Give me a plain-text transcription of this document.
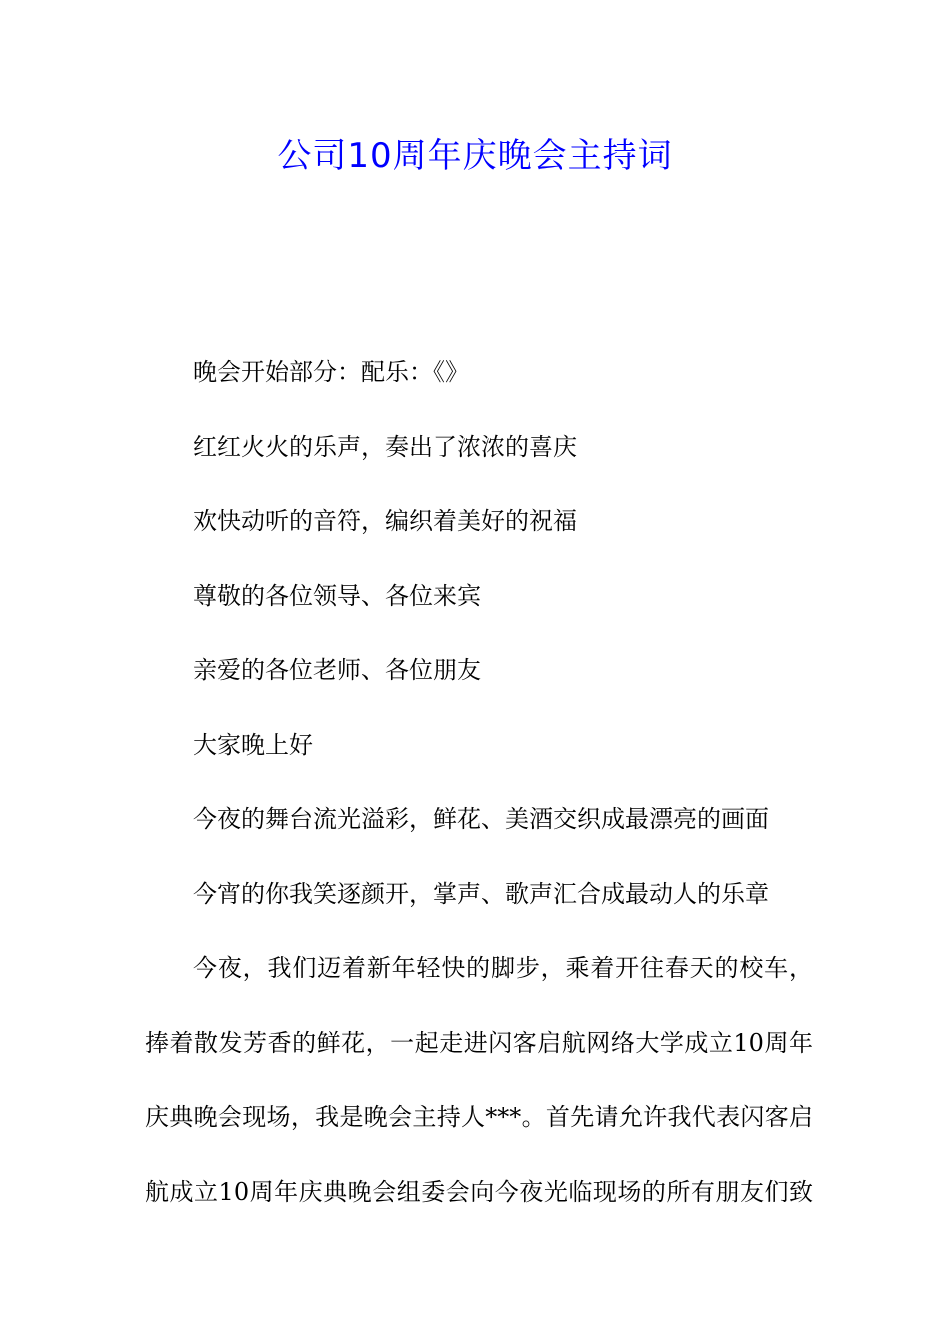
公司10周年庆晚会主持词

晚会开始部分：配乐：《》

红红火火的乐声，奏出了浓浓的喜庆

欢快动听的音符，编织着美好的祝福

尊敬的各位领导、各位来宾

亲爱的各位老师、各位朋友

大家晚上好

今夜的舞台流光溢彩，鲜花、美酒交织成最漂亮的画面

今宵的你我笑逐颜开，掌声、歌声汇合成最动人的乐章

今夜，我们迈着新年轻快的脚步，乘着开往春天的校车，
捧着散发芳香的鲜花，一起走进闪客启航网络大学成立10周年
庆典晚会现场，我是晚会主持人***。首先请允许我代表闪客启
航成立10周年庆典晚会组委会向今夜光临现场的所有朋友们致
